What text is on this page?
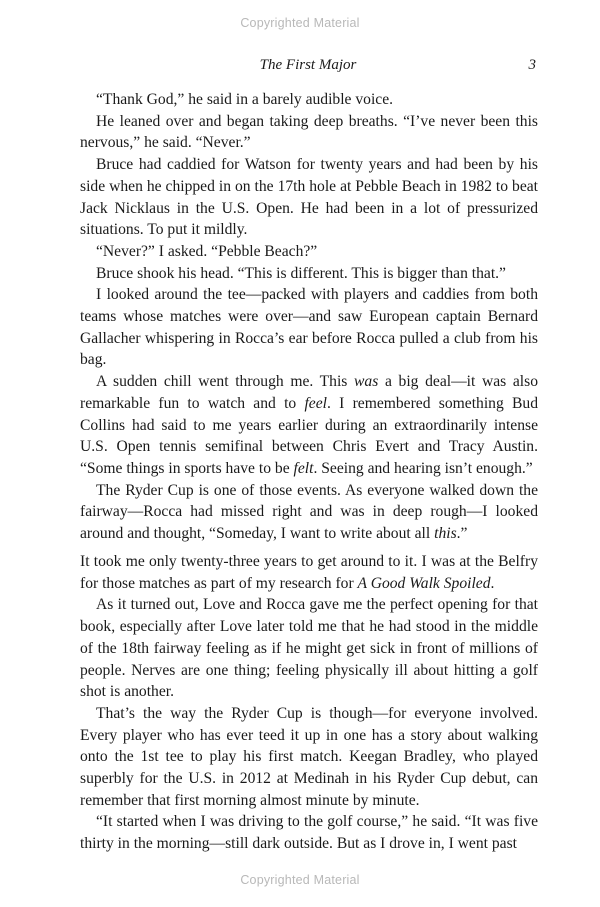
Copyrighted Material
The First Major	3

“Thank God,” he said in a barely audible voice.

He leaned over and began taking deep breaths. “I’ve never been this nervous,” he said. “Never.”

Bruce had caddied for Watson for twenty years and had been by his side when he chipped in on the 17th hole at Pebble Beach in 1982 to beat Jack Nicklaus in the U.S. Open. He had been in a lot of pressurized situations. To put it mildly.

“Never?” I asked. “Pebble Beach?”

Bruce shook his head. “This is different. This is bigger than that.”

I looked around the tee—packed with players and caddies from both teams whose matches were over—and saw European captain Bernard Gallacher whispering in Rocca’s ear before Rocca pulled a club from his bag.

A sudden chill went through me. This was a big deal—it was also remarkable fun to watch and to feel. I remembered something Bud Collins had said to me years earlier during an extraordinarily intense U.S. Open tennis semifinal between Chris Evert and Tracy Austin. “Some things in sports have to be felt. Seeing and hearing isn’t enough.”

The Ryder Cup is one of those events. As everyone walked down the fairway—Rocca had missed right and was in deep rough—I looked around and thought, “Someday, I want to write about all this.”

It took me only twenty-three years to get around to it. I was at the Belfry for those matches as part of my research for A Good Walk Spoiled.

As it turned out, Love and Rocca gave me the perfect opening for that book, especially after Love later told me that he had stood in the middle of the 18th fairway feeling as if he might get sick in front of millions of people. Nerves are one thing; feeling physically ill about hitting a golf shot is another.

That’s the way the Ryder Cup is though—for everyone involved. Every player who has ever teed it up in one has a story about walking onto the 1st tee to play his first match. Keegan Bradley, who played superbly for the U.S. in 2012 at Medinah in his Ryder Cup debut, can remember that first morning almost minute by minute.

“It started when I was driving to the golf course,” he said. “It was five thirty in the morning—still dark outside. But as I drove in, I went past

Copyrighted Material
